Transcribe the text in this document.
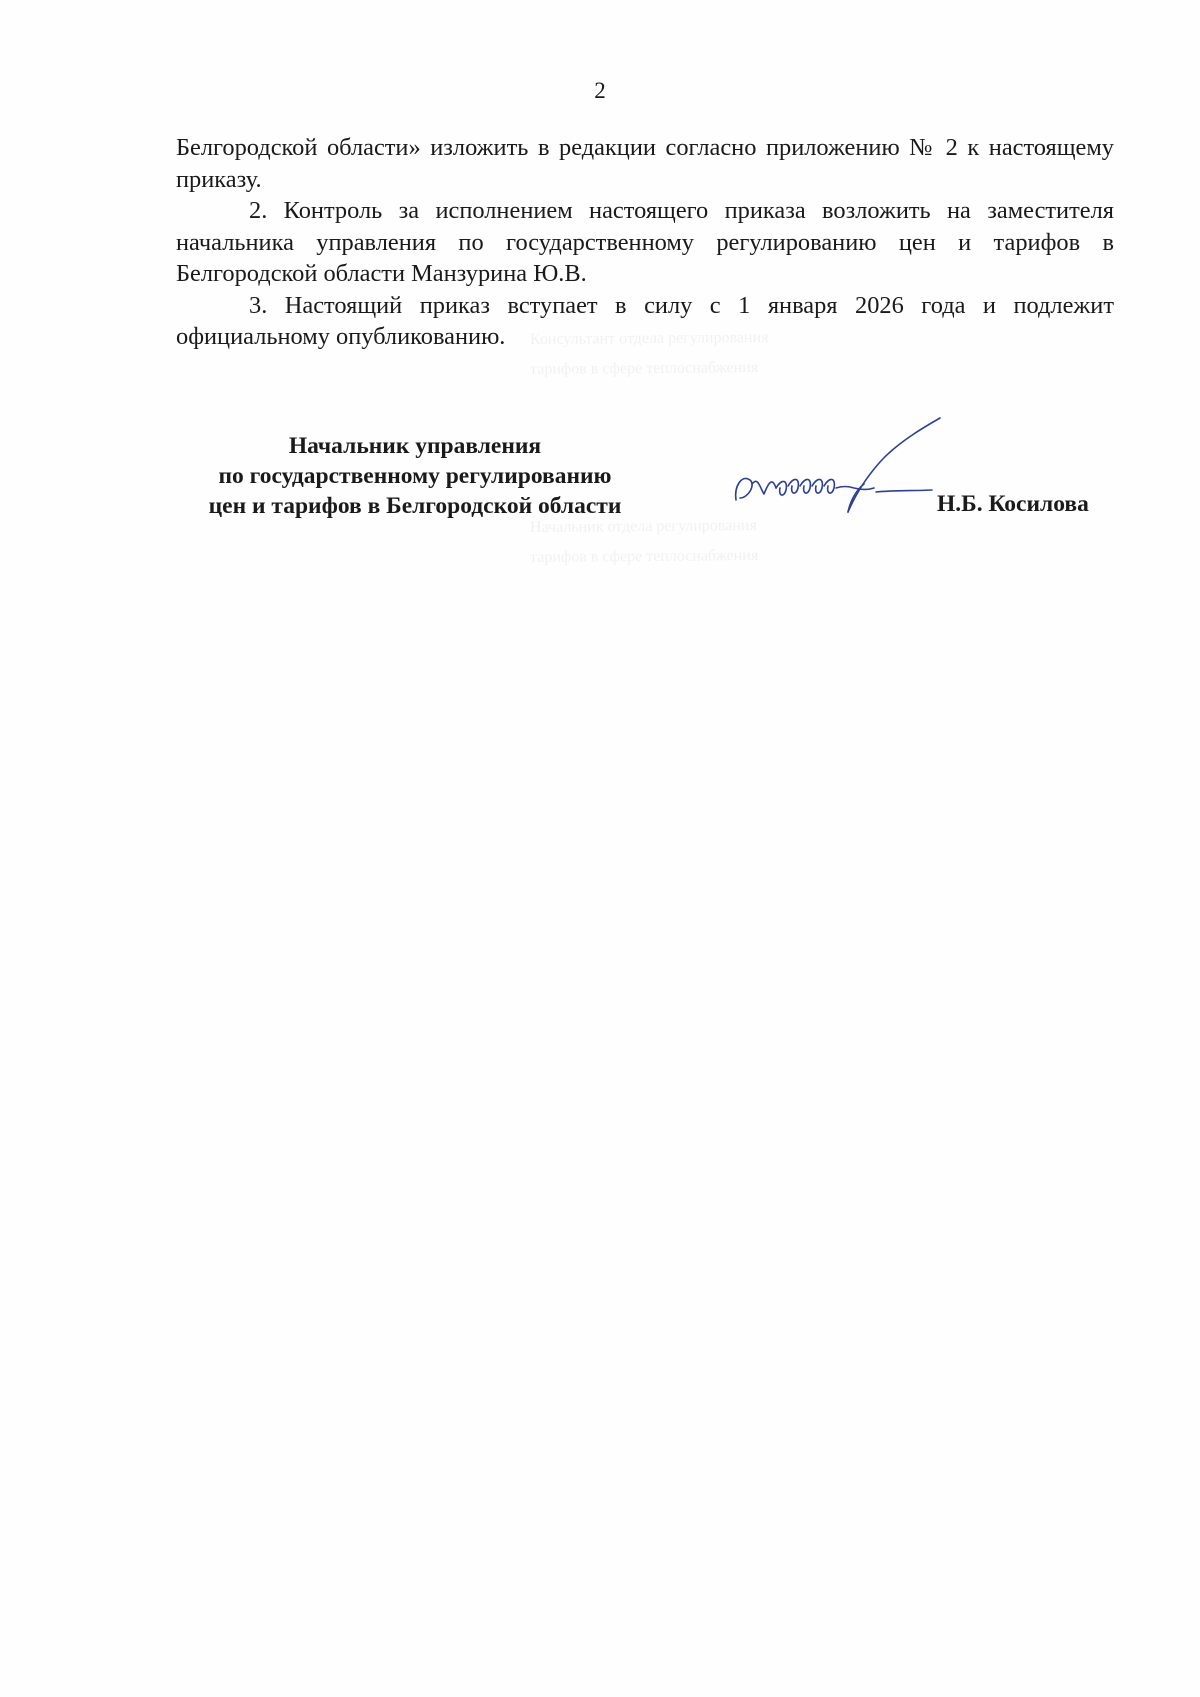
Консультант отдела регулирования
тарифов в сфере теплоснабжения
Начальник отдела регулирования
тарифов в сфере теплоснабжения
2

Белгородской области» изложить в редакции согласно приложению № 2 к настоящему приказу.

2. Контроль за исполнением настоящего приказа возложить на заместителя начальника управления по государственному регулированию цен и тарифов в Белгородской области Манзурина Ю.В.

3. Настоящий приказ вступает в силу с 1 января 2026 года и подлежит официальному опубликованию.

Начальник управления
по государственному регулированию
цен и тарифов в Белгородской области	Н.Б. Косилова
